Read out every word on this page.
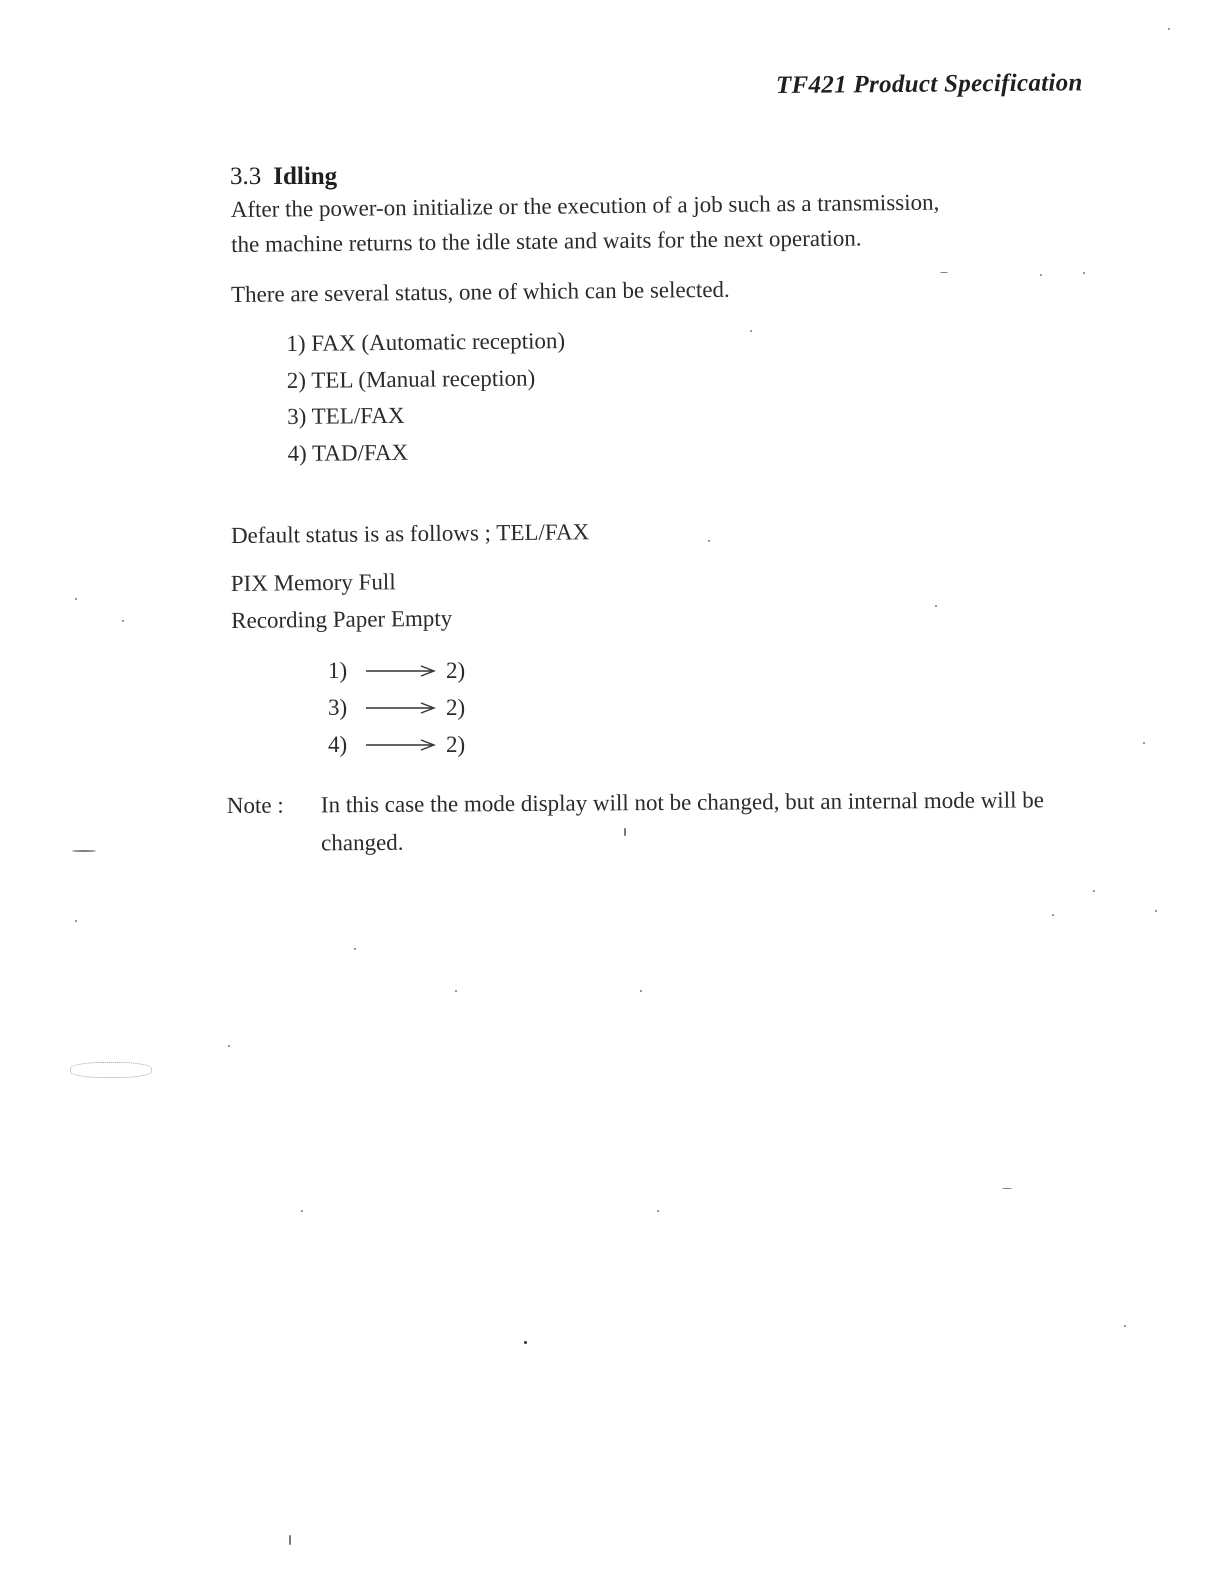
TF421 Product Specification
3.3 Idling
After the power-on initialize or the execution of a job such as a transmission,
the machine returns to the idle state and waits for the next operation.
There are several status, one of which can be selected.
1) FAX (Automatic reception)
2) TEL (Manual reception)
3) TEL/FAX
4) TAD/FAX
Default status is as follows ; TEL/FAX
PIX Memory Full
Recording Paper Empty
1)	2)
3)	2)
4)	2)
Note :	In this case the mode display will not be changed, but an internal mode will be changed.
